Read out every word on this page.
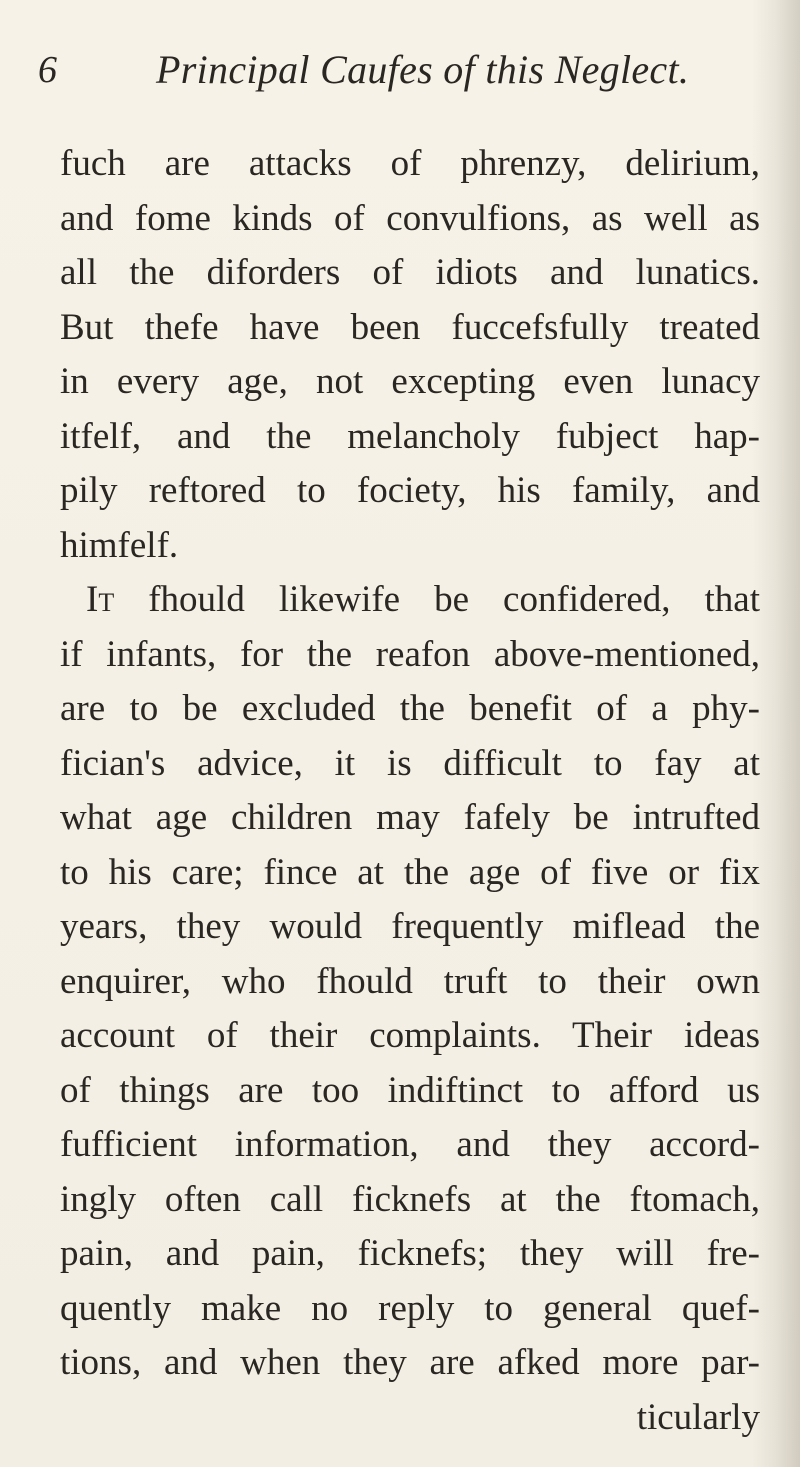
6 Principal Caufes of this Neglect.
fuch are attacks of phrenzy, delirium,
and fome kinds of convulfions, as well as
all the diforders of idiots and lunatics.
But thefe have been fuccefsfully treated
in every age, not excepting even lunacy
itfelf, and the melancholy fubject hap-
pily reftored to fociety, his family, and
himfelf.
It fhould likewife be confidered, that
if infants, for the reafon above-mentioned,
are to be excluded the benefit of a phy-
fician's advice, it is difficult to fay at
what age children may fafely be intrufted
to his care; fince at the age of five or fix
years, they would frequently miflead the
enquirer, who fhould truft to their own
account of their complaints. Their ideas
of things are too indiftinct to afford us
fufficient information, and they accord-
ingly often call ficknefs at the ftomach,
pain, and pain, ficknefs; they will fre-
quently make no reply to general quef-
tions, and when they are afked more par-
ticularly
